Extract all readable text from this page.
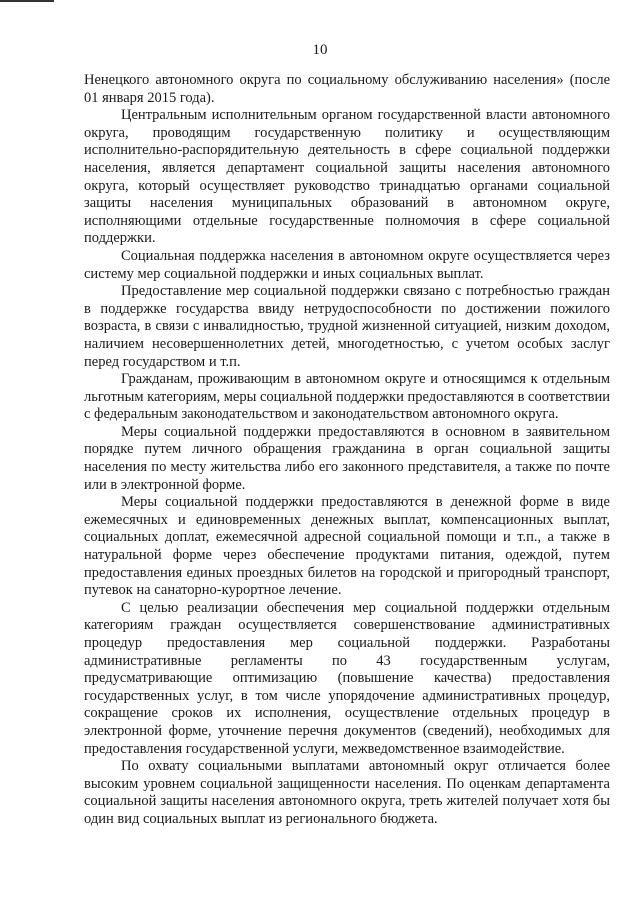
10

Ненецкого автономного округа по социальному обслуживанию населения» (после 01 января 2015 года).

Центральным исполнительным органом государственной власти автономного округа, проводящим государственную политику и осуществляющим исполнительно-распорядительную деятельность в сфере социальной поддержки населения, является департамент социальной защиты населения автономного округа, который осуществляет руководство тринадцатью органами социальной защиты населения муниципальных образований в автономном округе, исполняющими отдельные государственные полномочия в сфере социальной поддержки.

Социальная поддержка населения в автономном округе осуществляется через систему мер социальной поддержки и иных социальных выплат.

Предоставление мер социальной поддержки связано с потребностью граждан в поддержке государства ввиду нетрудоспособности по достижении пожилого возраста, в связи с инвалидностью, трудной жизненной ситуацией, низким доходом, наличием несовершеннолетних детей, многодетностью, с учетом особых заслуг перед государством и т.п.

Гражданам, проживающим в автономном округе и относящимся к отдельным льготным категориям, меры социальной поддержки предоставляются в соответствии с федеральным законодательством и законодательством автономного округа.

Меры социальной поддержки предоставляются в основном в заявительном порядке путем личного обращения гражданина в орган социальной защиты населения по месту жительства либо его законного представителя, а также по почте или в электронной форме.

Меры социальной поддержки предоставляются в денежной форме в виде ежемесячных и единовременных денежных выплат, компенсационных выплат, социальных доплат, ежемесячной адресной социальной помощи и т.п., а также в натуральной форме через обеспечение продуктами питания, одеждой, путем предоставления единых проездных билетов на городской и пригородный транспорт, путевок на санаторно-курортное лечение.

С целью реализации обеспечения мер социальной поддержки отдельным категориям граждан осуществляется совершенствование административных процедур предоставления мер социальной поддержки. Разработаны административные регламенты по 43 государственным услугам, предусматривающие оптимизацию (повышение качества) предоставления государственных услуг, в том числе упорядочение административных процедур, сокращение сроков их исполнения, осуществление отдельных процедур в электронной форме, уточнение перечня документов (сведений), необходимых для предоставления государственной услуги, межведомственное взаимодействие.

По охвату социальными выплатами автономный округ отличается более высоким уровнем социальной защищенности населения. По оценкам департамента социальной защиты населения автономного округа, треть жителей получает хотя бы один вид социальных выплат из регионального бюджета.
